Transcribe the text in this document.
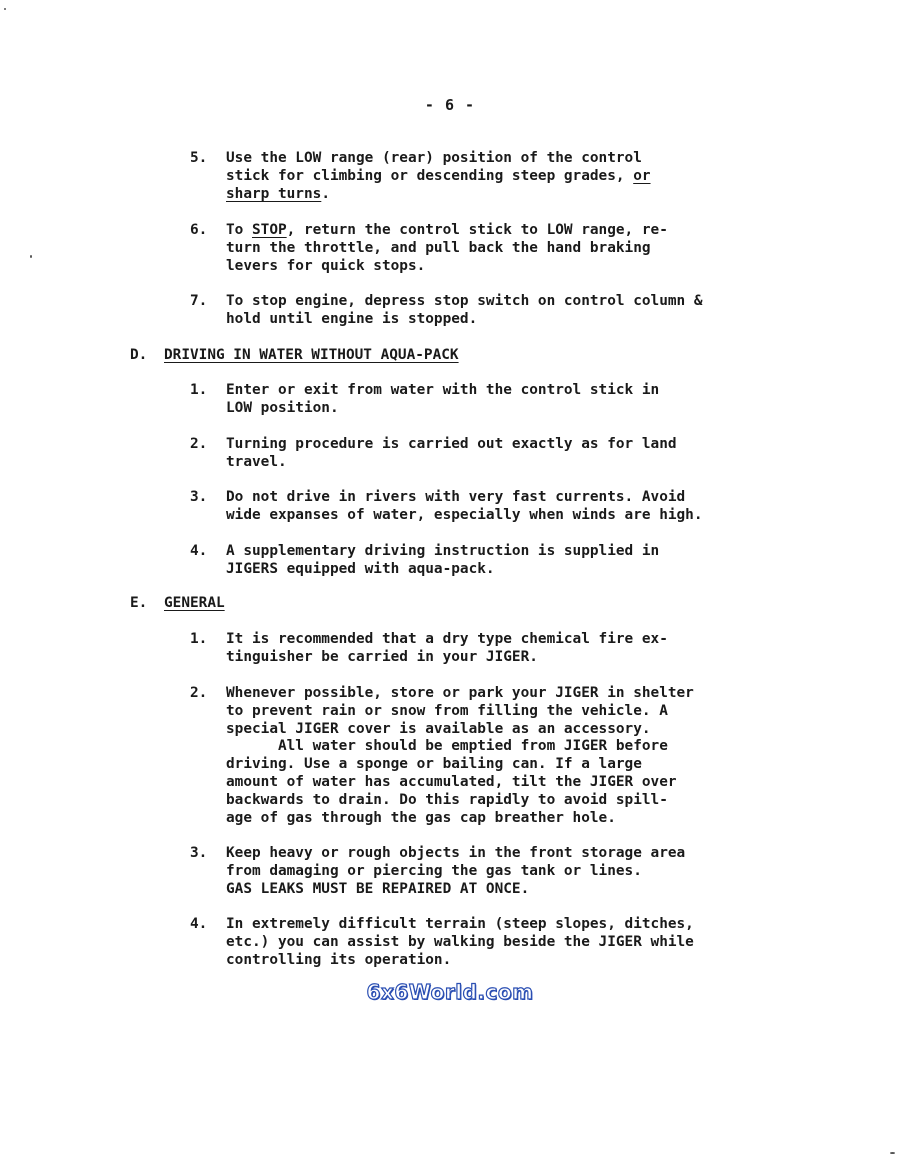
- 6 -
5. Use the LOW range (rear) position of the control
stick for climbing or descending steep grades, or
sharp turns.
6. To STOP, return the control stick to LOW range, re-
turn the throttle, and pull back the hand braking
levers for quick stops.
7. To stop engine, depress stop switch on control column &
hold until engine is stopped.
D. DRIVING IN WATER WITHOUT AQUA-PACK
1. Enter or exit from water with the control stick in
LOW position.
2. Turning procedure is carried out exactly as for land
travel.
3. Do not drive in rivers with very fast currents. Avoid
wide expanses of water, especially when winds are high.
4. A supplementary driving instruction is supplied in
JIGERS equipped with aqua-pack.
E. GENERAL
1. It is recommended that a dry type chemical fire ex-
tinguisher be carried in your JIGER.
2. Whenever possible, store or park your JIGER in shelter
to prevent rain or snow from filling the vehicle. A
special JIGER cover is available as an accessory.
All water should be emptied from JIGER before
driving. Use a sponge or bailing can. If a large
amount of water has accumulated, tilt the JIGER over
backwards to drain. Do this rapidly to avoid spill-
age of gas through the gas cap breather hole.
3. Keep heavy or rough objects in the front storage area
from damaging or piercing the gas tank or lines.
GAS LEAKS MUST BE REPAIRED AT ONCE.
4. In extremely difficult terrain (steep slopes, ditches,
etc.) you can assist by walking beside the JIGER while
controlling its operation.
6x6World.com
